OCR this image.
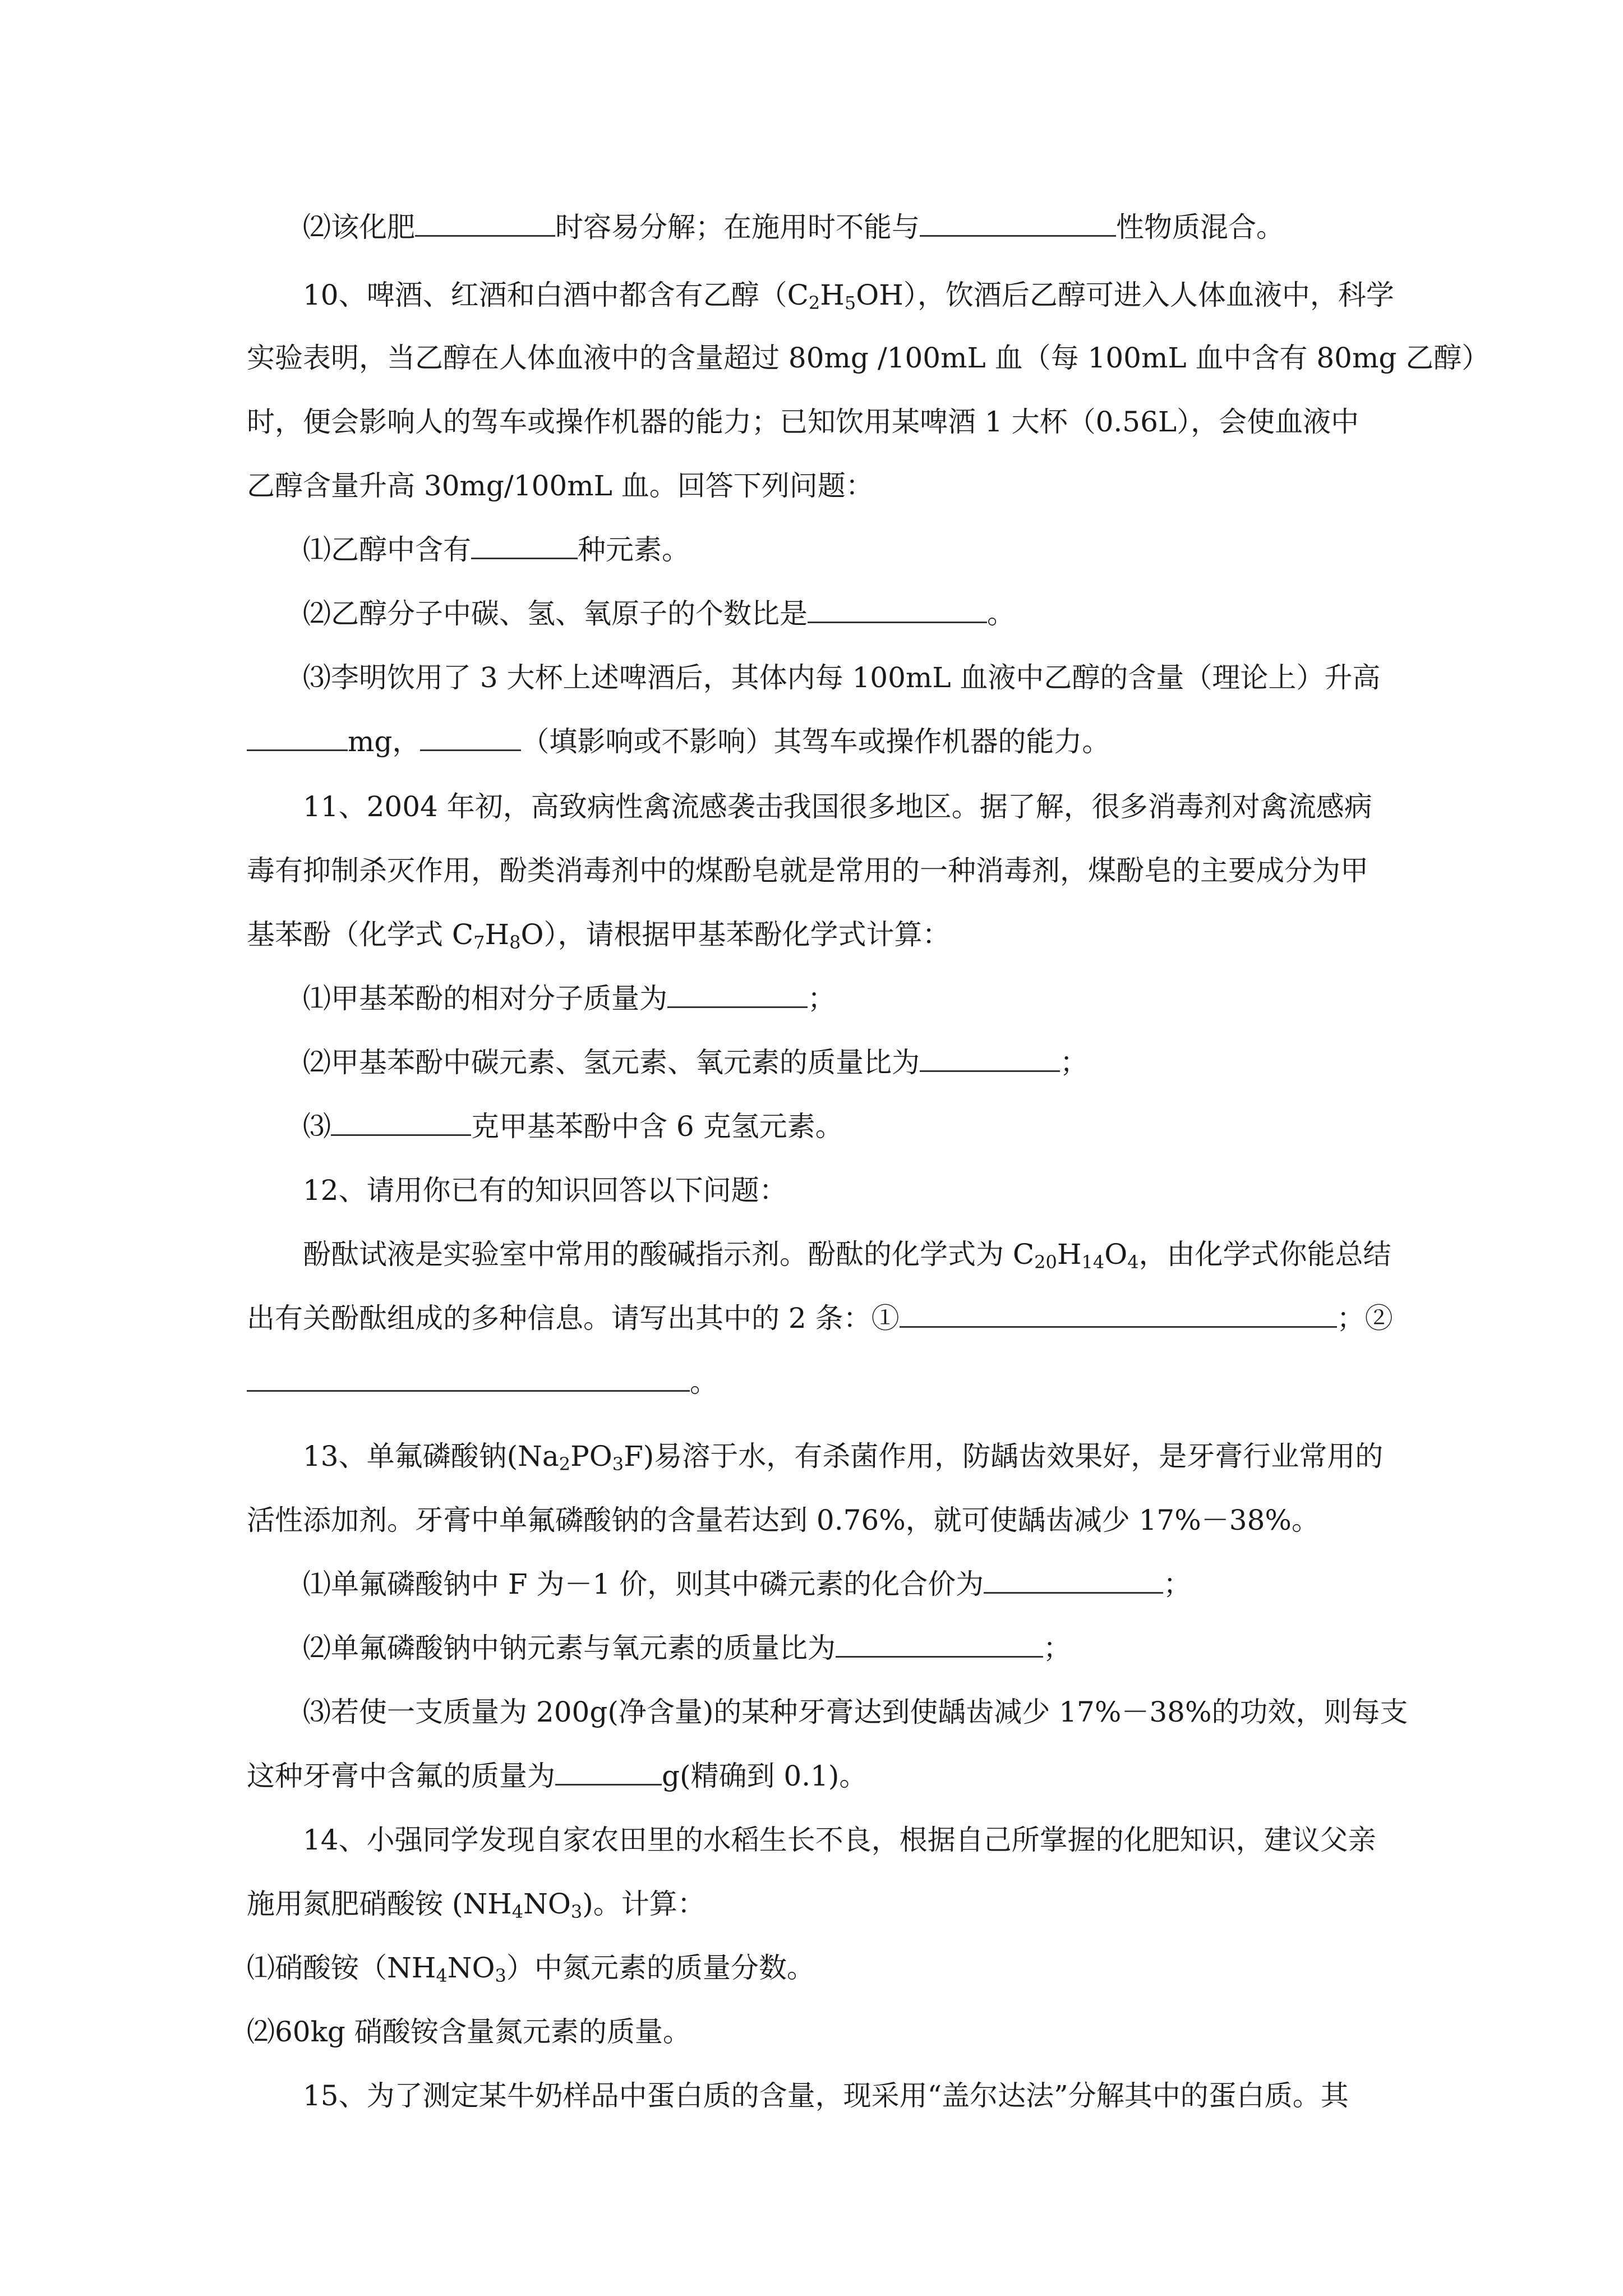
⑵该化肥	时容易分解；在施用时不能与	性物质混合。
10、啤酒、红酒和白酒中都含有乙醇$(C_2H_5OH)$，饮酒后乙醇可进入人体血液中，科学
实验表明，当乙醇在人体血液中的含量超过 80mg /100mL 血（每 100mL 血中含有 80mg 乙醇）
时，便会影响人的驾车或操作机器的能力；已知饮用某啤酒 1 大杯（0.56L），会使血液中
乙醇含量升高 30mg/100mL 血。回答下列问题：
⑴乙醇中含有	种元素。
⑵乙醇分子中碳、氢、氧原子的个数比是	。
⑶李明饮用了 3 大杯上述啤酒后，其体内每 100mL 血液中乙醇的含量（理论上）升高
mg，	（填影响或不影响）其驾车或操作机器的能力。
11、2004 年初，高致病性禽流感袭击我国很多地区。据了解，很多消毒剂对禽流感病
毒有抑制杀灭作用，酚类消毒剂中的煤酚皂就是常用的一种消毒剂，煤酚皂的主要成分为甲
基苯酚（化学式 $C_7H_8O$），请根据甲基苯酚化学式计算：
⑴甲基苯酚的相对分子质量为	；
⑵甲基苯酚中碳元素、氢元素、氧元素的质量比为	；
⑶	克甲基苯酚中含 6 克氢元素。
12、请用你已有的知识回答以下问题：
酚酞试液是实验室中常用的酸碱指示剂。酚酞的化学式为 $C_{20}H_{14}O_4$，由化学式你能总结
出有关酚酞组成的多种信息。请写出其中的 2 条：①	；②
。
13、单氟磷酸钠$(Na_2PO_3F)$易溶于水，有杀菌作用，防龋齿效果好，是牙膏行业常用的
活性添加剂。牙膏中单氟磷酸钠的含量若达到 0.76%，就可使龋齿减少 17%－38%。
⑴单氟磷酸钠中 F 为－1 价，则其中磷元素的化合价为	；
⑵单氟磷酸钠中钠元素与氧元素的质量比为	；
⑶若使一支质量为 200g(净含量)的某种牙膏达到使龋齿减少 17%－38%的功效，则每支
这种牙膏中含氟的质量为	g(精确到 0.1)。
14、小强同学发现自家农田里的水稻生长不良，根据自己所掌握的化肥知识，建议父亲
施用氮肥硝酸铵 $(NH_4NO_3)$。计算：
⑴硝酸铵$(NH_4NO_3)$中氮元素的质量分数。
⑵60kg 硝酸铵含量氮元素的质量。
15、为了测定某牛奶样品中蛋白质的含量，现采用“盖尔达法”分解其中的蛋白质。其
